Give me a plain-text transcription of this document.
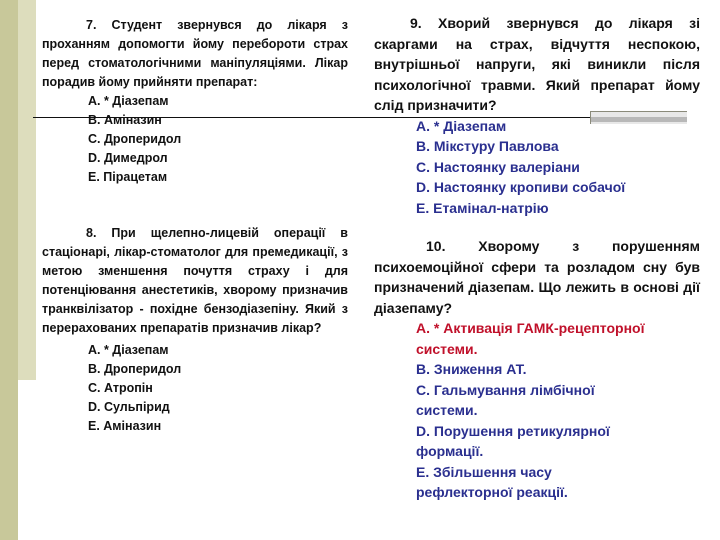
7. Студент звернувся до лікаря з проханням допомогти йому перебороти страх перед стоматологічними маніпуляціями. Лікар порадив йому прийняти препарат:

A. * Діазепам

B. Аміназин

C. Дроперидол

D. Димедрол

E. Пірацетам

8. При щелепно-лицевій операції в стаціонарі, лікар-стоматолог для премедикації, з метою зменшення почуття страху і для потенціювання анестетиків, хворому призначив транквілізатор - похідне бензодіазепіну. Який з перерахованих препаратів призначив лікар?

A. * Діазепам

B. Дроперидол

C. Атропін

D. Сульпірид

E. Аміназин

9. Хворий звернувся до лікаря зі скаргами на страх, відчуття неспокою, внутрішньої напруги, які виникли після психологічної травми. Який препарат йому слід призначити?

A. * Діазепам

B. Мікстуру Павлова

C. Настоянку валеріани

D. Настоянку кропиви собачої

E. Етамінал-натрію

10. Хворому з порушенням психоемоційної сфери та розладом сну був призначений діазепам. Що лежить в основі дії діазепаму?

A. * Активація ГАМК-рецепторної

системи.

B. Зниження АТ.

C. Гальмування лімбічної

системи.

D. Порушення ретикулярної

формації.

E. Збільшення часу

рефлекторної реакції.
